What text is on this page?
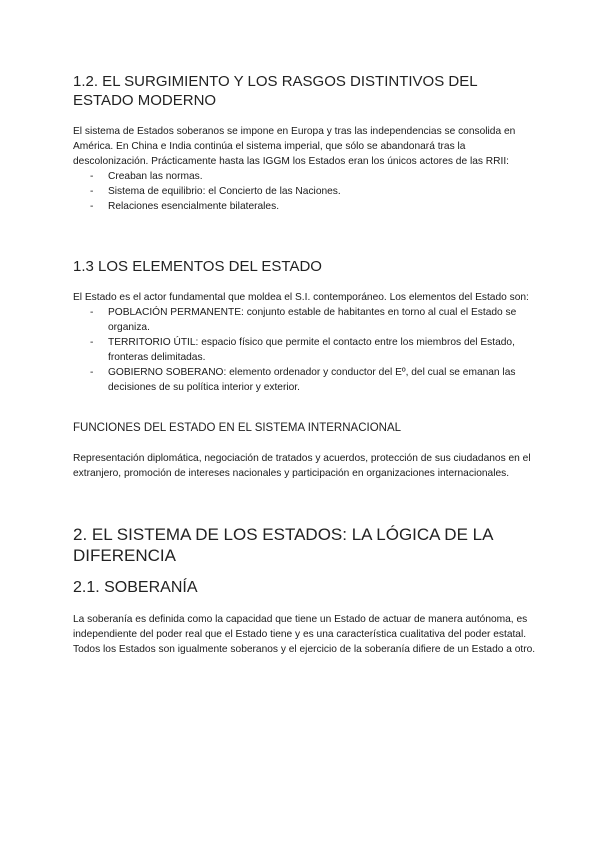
1.2. EL SURGIMIENTO Y LOS RASGOS DISTINTIVOS DEL ESTADO MODERNO

El sistema de Estados soberanos se impone en Europa y tras las independencias se consolida en América. En China e India continúa el sistema imperial, que sólo se abandonará tras la descolonización. Prácticamente hasta las IGGM los Estados eran los únicos actores de las RRII:

- Creaban las normas.
- Sistema de equilibrio: el Concierto de las Naciones.
- Relaciones esencialmente bilaterales.
1.3 LOS ELEMENTOS DEL ESTADO

El Estado es el actor fundamental que moldea el S.I. contemporáneo. Los elementos del Estado son:

- POBLACIÓN PERMANENTE: conjunto estable de habitantes en torno al cual el Estado se organiza.
- TERRITORIO ÚTIL: espacio físico que permite el contacto entre los miembros del Estado, fronteras delimitadas.
- GOBIERNO SOBERANO: elemento ordenador y conductor del Eº, del cual se emanan las decisiones de su política interior y exterior.
FUNCIONES DEL ESTADO EN EL SISTEMA INTERNACIONAL

Representación diplomática, negociación de tratados y acuerdos, protección de sus ciudadanos en el extranjero, promoción de intereses nacionales y participación en organizaciones internacionales.

2. EL SISTEMA DE LOS ESTADOS: LA LÓGICA DE LA DIFERENCIA
2.1. SOBERANÍA

La soberanía es definida como la capacidad que tiene un Estado de actuar de manera autónoma, es independiente del poder real que el Estado tiene y es una característica cualitativa del poder estatal.

Todos los Estados son igualmente soberanos y el ejercicio de la soberanía difiere de un Estado a otro.
